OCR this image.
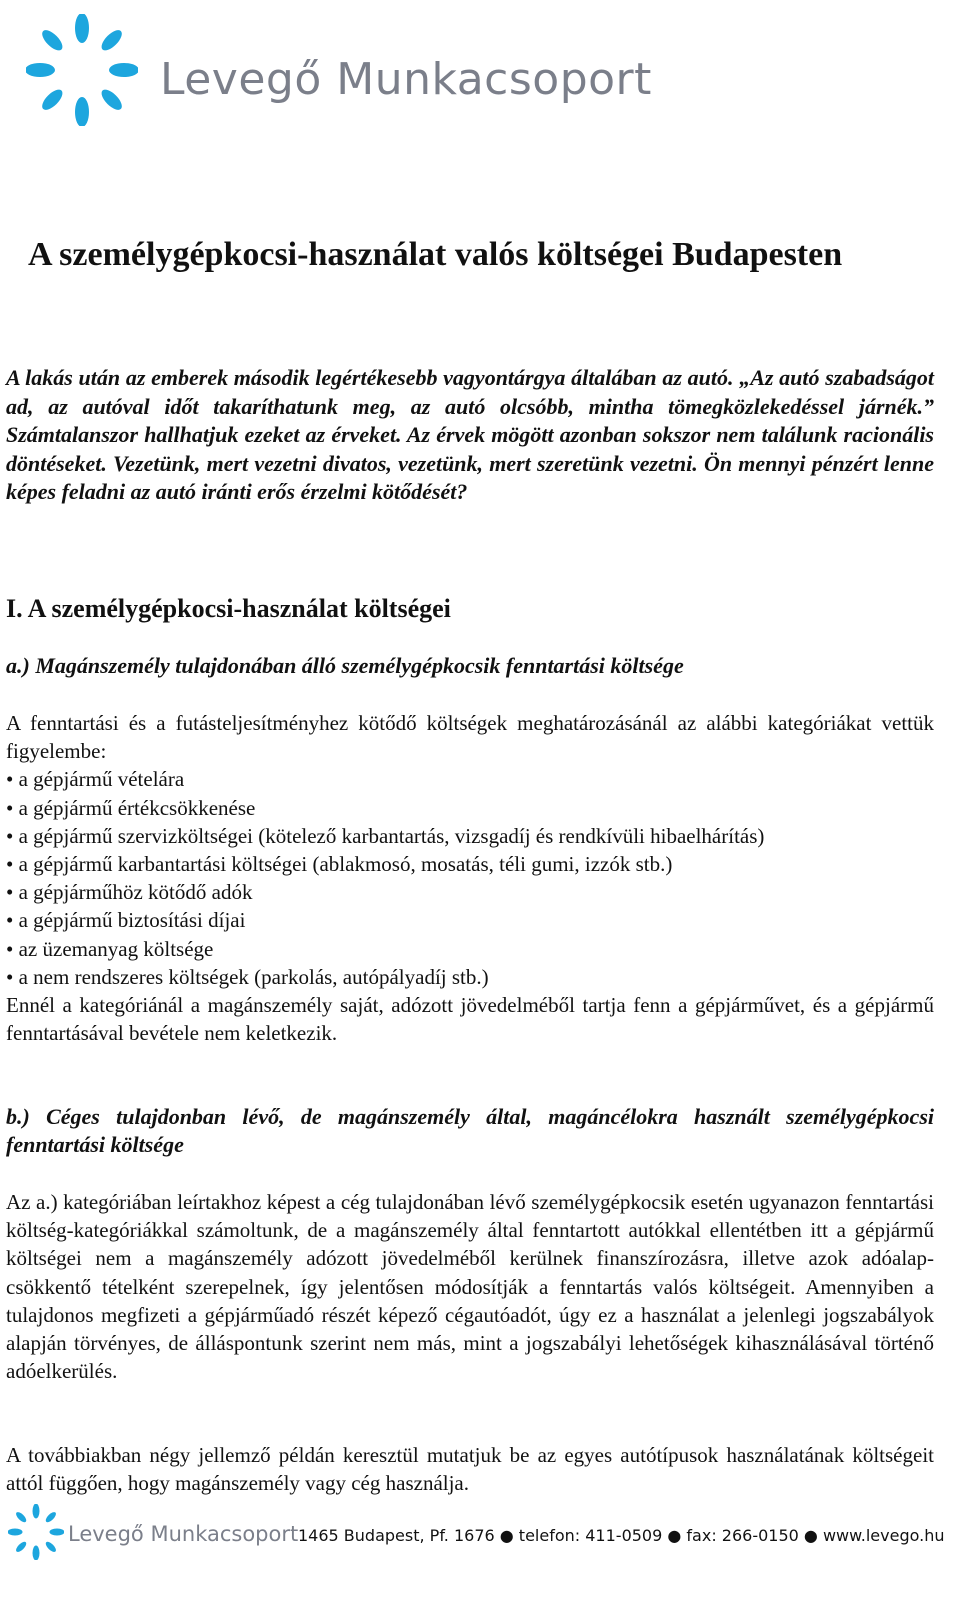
Levegő Munkacsoport
A személygépkocsi-használat valós költségei Budapesten

A lakás után az emberek második legértékesebb vagyontárgya általában az autó. „Az autó szabadságot ad, az autóval időt takaríthatunk meg, az autó olcsóbb, mintha tömegközlekedéssel járnék.” Számtalanszor hallhatjuk ezeket az érveket. Az érvek mögött azonban sokszor nem találunk racionális döntéseket. Vezetünk, mert vezetni divatos, vezetünk, mert szeretünk vezetni. Ön mennyi pénzért lenne képes feladni az autó iránti erős érzelmi kötődését?

I. A személygépkocsi-használat költségei

a.) Magánszemély tulajdonában álló személygépkocsik fenntartási költsége

A fenntartási és a futásteljesítményhez kötődő költségek meghatározásánál az alábbi kategóriákat vettük figyelembe:

• a gépjármű vételára
• a gépjármű értékcsökkenése
• a gépjármű szervizköltségei (kötelező karbantartás, vizsgadíj és rendkívüli hibaelhárítás)
• a gépjármű karbantartási költségei (ablakmosó, mosatás, téli gumi, izzók stb.)
• a gépjárműhöz kötődő adók
• a gépjármű biztosítási díjai
• az üzemanyag költsége
• a nem rendszeres költségek (parkolás, autópályadíj stb.)

Ennél a kategóriánál a magánszemély saját, adózott jövedelméből tartja fenn a gépjárművet, és a gépjármű fenntartásával bevétele nem keletkezik.

b.) Céges tulajdonban lévő, de magánszemély által, magáncélokra használt személygépkocsi fenntartási költsége

Az a.) kategóriában leírtakhoz képest a cég tulajdonában lévő személygépkocsik esetén ugyanazon fenntartási költség-kategóriákkal számoltunk, de a magánszemély által fenntartott autókkal ellentétben itt a gépjármű költségei nem a magánszemély adózott jövedelméből kerülnek finanszírozásra, illetve azok adóalap-csökkentő tételként szerepelnek, így jelentősen módosítják a fenntartás valós költségeit. Amennyiben a tulajdonos megfizeti a gépjárműadó részét képező cégautóadót, úgy ez a használat a jelenlegi jogszabályok alapján törvényes, de álláspontunk szerint nem más, mint a jogszabályi lehetőségek kihasználásával történő adóelkerülés.

A továbbiakban négy jellemző példán keresztül mutatjuk be az egyes autótípusok használatának költségeit attól függően, hogy magánszemély vagy cég használja.

Levegő Munkacsoport 1465 Budapest, Pf. 1676 ● telefon: 411-0509 ● fax: 266-0150 ● www.levego.hu
